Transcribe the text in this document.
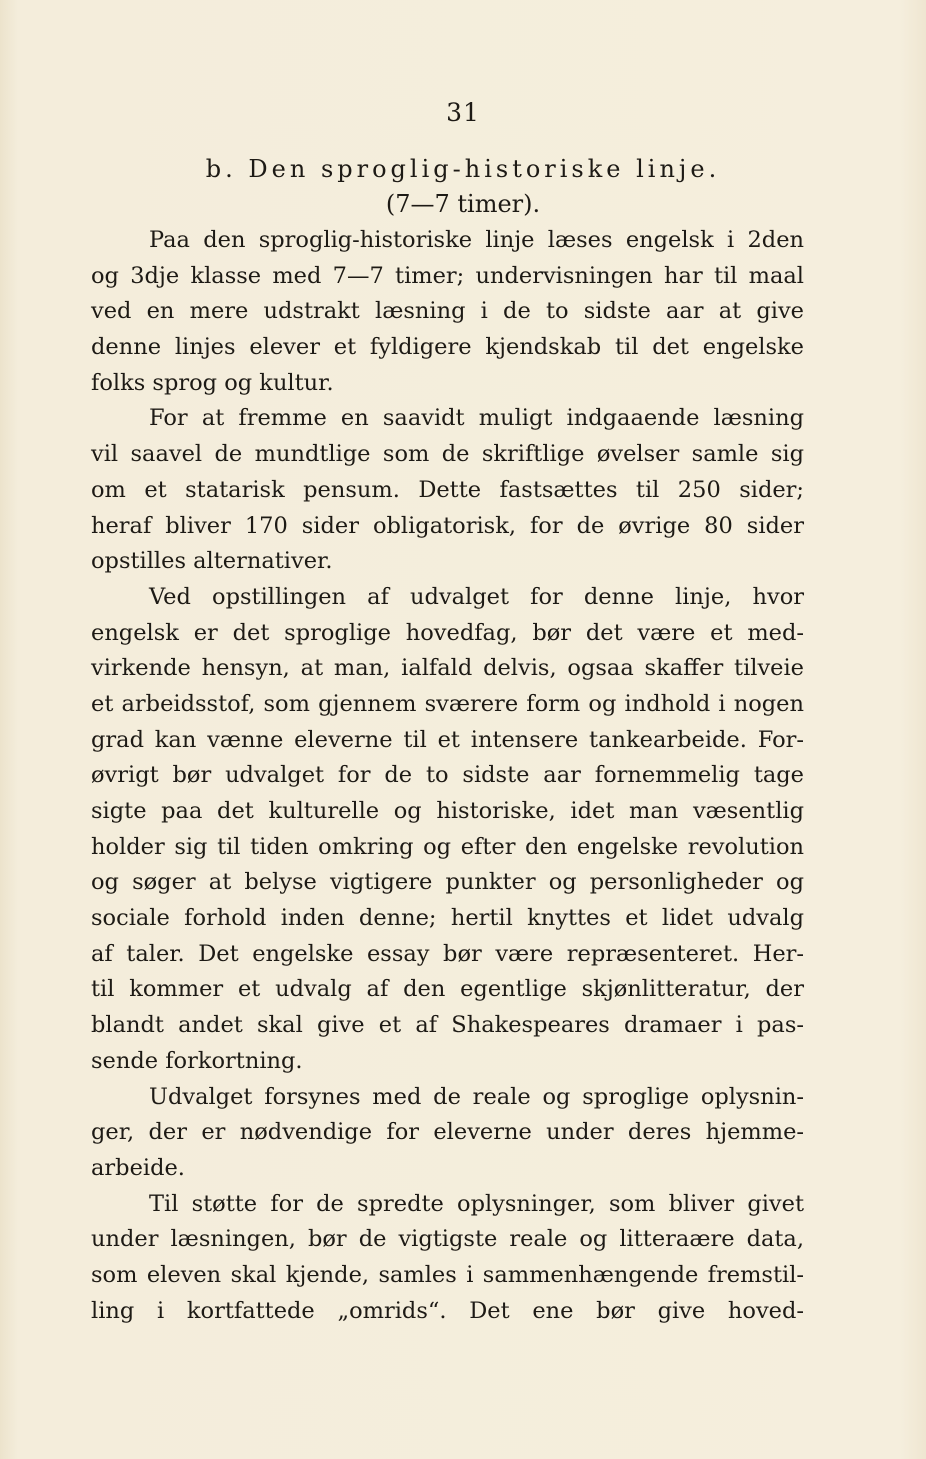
31
b. Den sproglig-historiske linje.
(7—7 timer).
Paa den sproglig-historiske linje læses engelsk i 2den
og 3dje klasse med 7—7 timer; undervisningen har til maal
ved en mere udstrakt læsning i de to sidste aar at give
denne linjes elever et fyldigere kjendskab til det engelske
folks sprog og kultur.
For at fremme en saavidt muligt indgaaende læsning
vil saavel de mundtlige som de skriftlige øvelser samle sig
om et statarisk pensum. Dette fastsættes til 250 sider;
heraf bliver 170 sider obligatorisk, for de øvrige 80 sider
opstilles alternativer.
Ved opstillingen af udvalget for denne linje, hvor
engelsk er det sproglige hovedfag, bør det være et med-
virkende hensyn, at man, ialfald delvis, ogsaa skaffer tilveie
et arbeidsstof, som gjennem sværere form og indhold i nogen
grad kan vænne eleverne til et intensere tankearbeide. For-
øvrigt bør udvalget for de to sidste aar fornemmelig tage
sigte paa det kulturelle og historiske, idet man væsentlig
holder sig til tiden omkring og efter den engelske revolution
og søger at belyse vigtigere punkter og personligheder og
sociale forhold inden denne; hertil knyttes et lidet udvalg
af taler. Det engelske essay bør være repræsenteret. Her-
til kommer et udvalg af den egentlige skjønlitteratur, der
blandt andet skal give et af Shakespeares dramaer i pas-
sende forkortning.
Udvalget forsynes med de reale og sproglige oplysnin-
ger, der er nødvendige for eleverne under deres hjemme-
arbeide.
Til støtte for de spredte oplysninger, som bliver givet
under læsningen, bør de vigtigste reale og litteraære data,
som eleven skal kjende, samles i sammenhængende fremstil-
ling i kortfattede „omrids“. Det ene bør give hoved-
